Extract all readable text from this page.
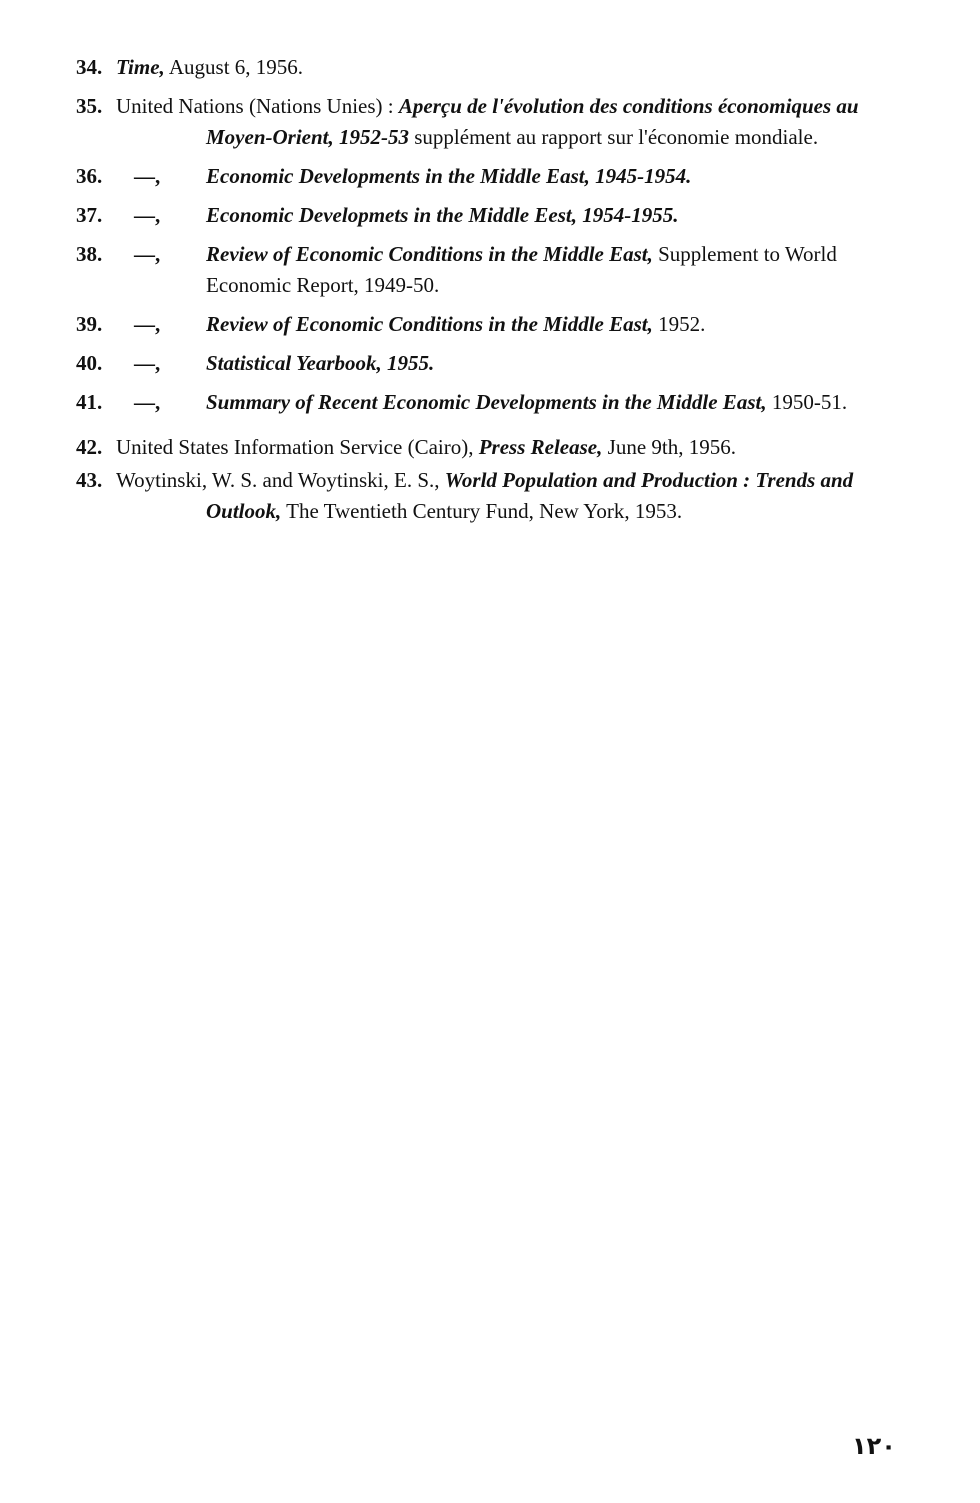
34. Time, August 6, 1956.
35. United Nations (Nations Unies) : Aperçu de l'évolution des conditions économiques au Moyen-Orient, 1952-53 supplément au rapport sur l'économie mondiale.
36. —, Economic Developments in the Middle East, 1945-1954.
37. —, Economic Developmets in the Middle Eest, 1954-1955.
38. —, Review of Economic Conditions in the Middle East, Supplement to World Economic Report, 1949-50.
39. —, Review of Economic Conditions in the Middle East, 1952.
40. —, Statistical Yearbook, 1955.
41. —, Summary of Recent Economic Developments in the Middle East, 1950-51.
42. United States Information Service (Cairo), Press Release, June 9th, 1956.
43. Woytinski, W. S. and Woytinski, E. S., World Population and Production : Trends and Outlook, The Twentieth Century Fund, New York, 1953.
١٢٠
